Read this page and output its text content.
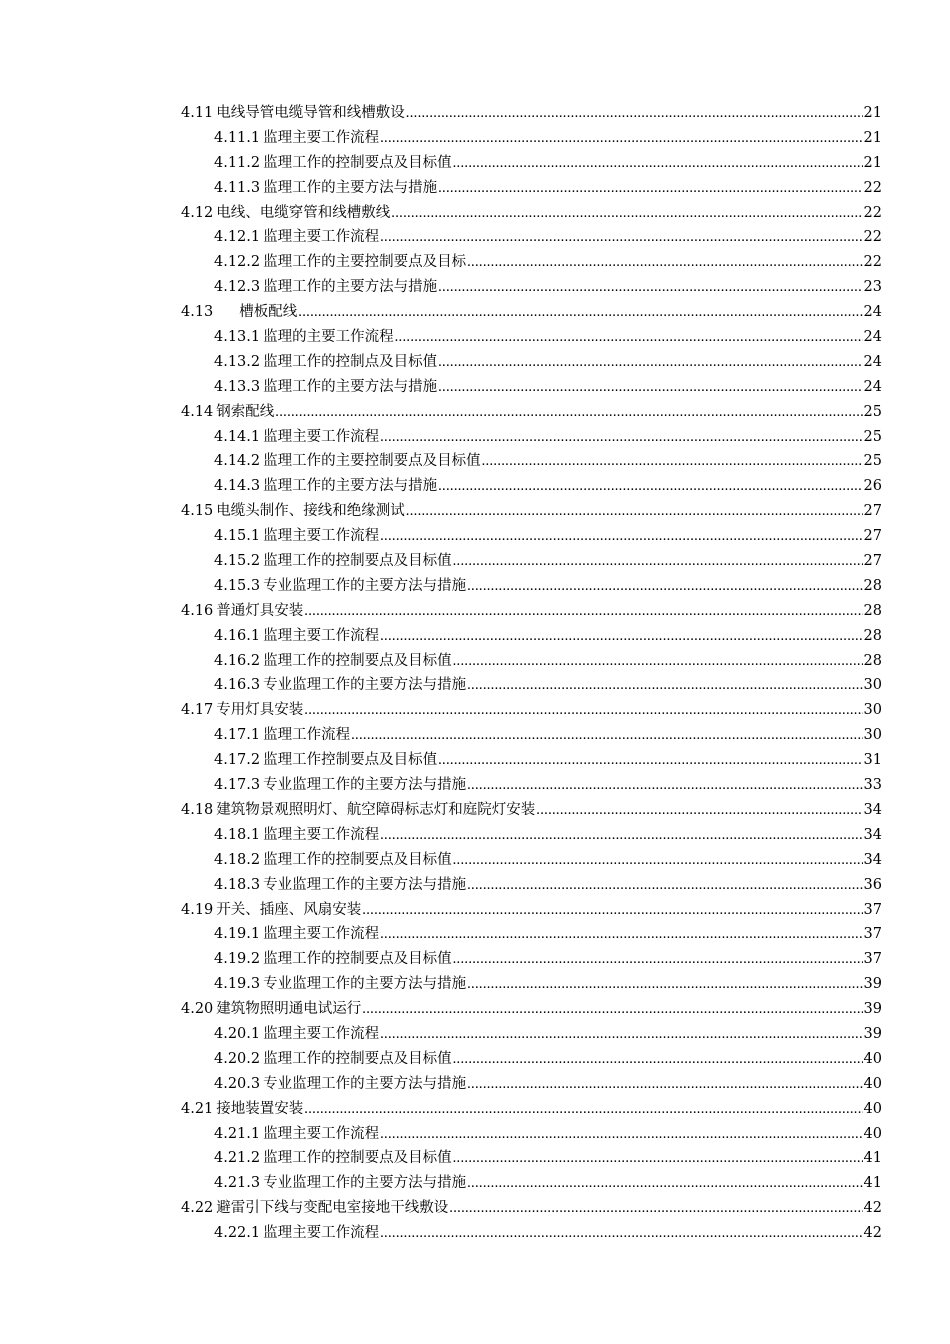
4.11 电线导管电缆导管和线槽敷设 .....	21
4.11.1 监理主要工作流程 .....	21
4.11.2 监理工作的控制要点及目标值 .....	21
4.11.3 监理工作的主要方法与措施 .....	22
4.12 电线、电缆穿管和线槽敷线 .....	22
4.12.1 监理主要工作流程 .....	22
4.12.2 监理工作的主要控制要点及目标 .....	22
4.12.3 监理工作的主要方法与措施 .....	23
4.13 槽板配线 .....	24
4.13.1 监理的主要工作流程 .....	24
4.13.2 监理工作的控制点及目标值 .....	24
4.13.3 监理工作的主要方法与措施 .....	24
4.14 钢索配线 .....	25
4.14.1 监理主要工作流程 .....	25
4.14.2 监理工作的主要控制要点及目标值 .....	25
4.14.3 监理工作的主要方法与措施 .....	26
4.15 电缆头制作、接线和绝缘测试 .....	27
4.15.1 监理主要工作流程 .....	27
4.15.2 监理工作的控制要点及目标值 .....	27
4.15.3 专业监理工作的主要方法与措施 .....	28
4.16 普通灯具安装 .....	28
4.16.1 监理主要工作流程 .....	28
4.16.2 监理工作的控制要点及目标值 .....	28
4.16.3 专业监理工作的主要方法与措施 .....	30
4.17 专用灯具安装 .....	30
4.17.1 监理工作流程 .....	30
4.17.2 监理工作控制要点及目标值 .....	31
4.17.3 专业监理工作的主要方法与措施 .....	33
4.18 建筑物景观照明灯、航空障碍标志灯和庭院灯安装 .....	34
4.18.1 监理主要工作流程 .....	34
4.18.2 监理工作的控制要点及目标值 .....	34
4.18.3 专业监理工作的主要方法与措施 .....	36
4.19 开关、插座、风扇安装 .....	37
4.19.1 监理主要工作流程 .....	37
4.19.2 监理工作的控制要点及目标值 .....	37
4.19.3 专业监理工作的主要方法与措施 .....	39
4.20 建筑物照明通电试运行 .....	39
4.20.1 监理主要工作流程 .....	39
4.20.2 监理工作的控制要点及目标值 .....	40
4.20.3 专业监理工作的主要方法与措施 .....	40
4.21 接地装置安装 .....	40
4.21.1 监理主要工作流程 .....	40
4.21.2 监理工作的控制要点及目标值 .....	41
4.21.3 专业监理工作的主要方法与措施 .....	41
4.22 避雷引下线与变配电室接地干线敷设 .....	42
4.22.1 监理主要工作流程 .....	42
